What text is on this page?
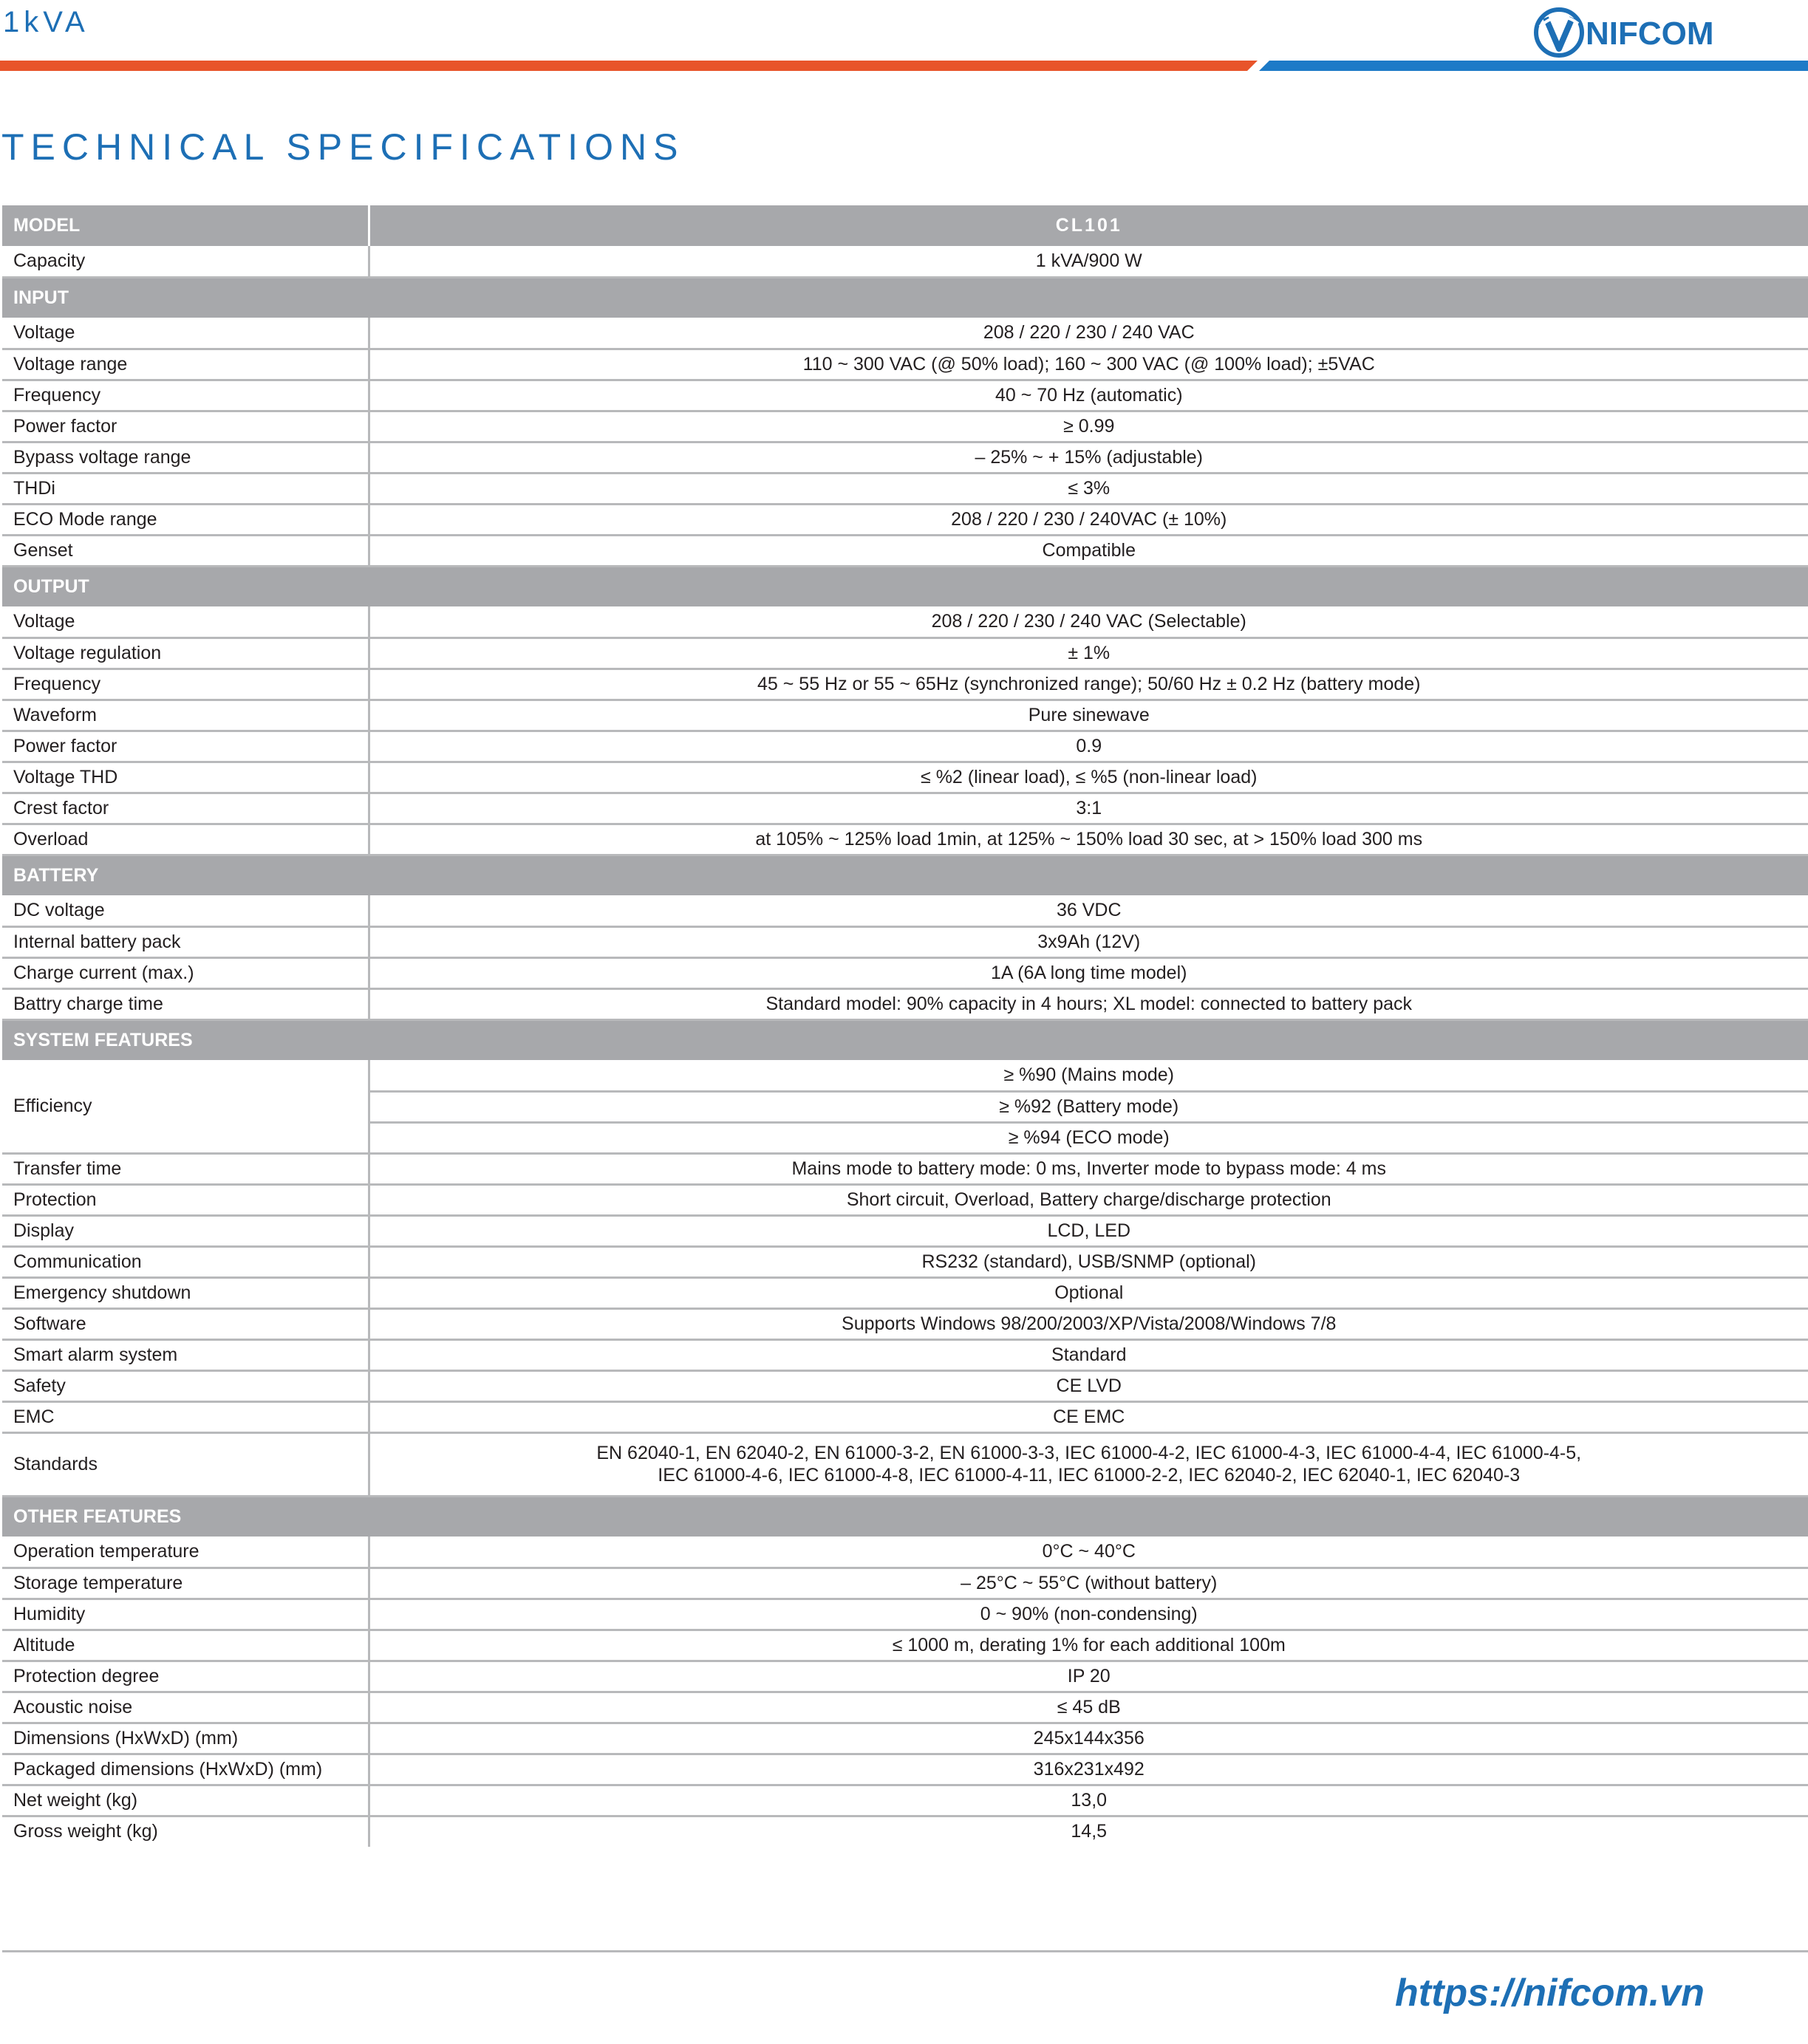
1kVA	NIFCOM
TECHNICAL SPECIFICATIONS
MODEL	CL101
Capacity	1 kVA/900 W
INPUT	
Voltage	208 / 220 / 230 / 240 VAC
Voltage range	110 ~ 300 VAC (@ 50% load); 160 ~ 300 VAC (@ 100% load); ±5VAC
Frequency	40 ~ 70 Hz (automatic)
Power factor	≥ 0.99
Bypass voltage range	– 25% ~ + 15% (adjustable)
THDi	≤ 3%
ECO Mode range	208 / 220 / 230 / 240VAC (± 10%)
Genset	Compatible
OUTPUT	
Voltage	208 / 220 / 230 / 240 VAC (Selectable)
Voltage regulation	± 1%
Frequency	45 ~ 55 Hz or 55 ~ 65Hz (synchronized range); 50/60 Hz ± 0.2 Hz (battery mode)
Waveform	Pure sinewave
Power factor	0.9
Voltage THD	≤ %2 (linear load), ≤ %5 (non-linear load)
Crest factor	3:1
Overload	at 105% ~ 125% load 1min, at 125% ~ 150% load 30 sec, at > 150% load 300 ms
BATTERY	
DC voltage	36 VDC
Internal battery pack	3x9Ah (12V)
Charge current (max.)	1A (6A long time model)
Battry charge time	Standard model: 90% capacity in 4 hours; XL model: connected to battery pack
SYSTEM FEATURES	
Efficiency	≥ %90 (Mains mode)
	≥ %92 (Battery mode)
	≥ %94 (ECO mode)
Transfer time	Mains mode to battery mode: 0 ms, Inverter mode to bypass mode: 4 ms
Protection	Short circuit, Overload, Battery charge/discharge protection
Display	LCD, LED
Communication	RS232 (standard), USB/SNMP (optional)
Emergency shutdown	Optional
Software	Supports Windows 98/200/2003/XP/Vista/2008/Windows 7/8
Smart alarm system	Standard
Safety	CE LVD
EMC	CE EMC
Standards	EN 62040-1, EN 62040-2, EN 61000-3-2, EN 61000-3-3, IEC 61000-4-2, IEC 61000-4-3, IEC 61000-4-4, IEC 61000-4-5,
IEC 61000-4-6, IEC 61000-4-8, IEC 61000-4-11, IEC 61000-2-2, IEC 62040-2, IEC 62040-1, IEC 62040-3

OTHER FEATURES	
Operation temperature	0°C ~ 40°C
Storage temperature	– 25°C ~ 55°C (without battery)
Humidity	0 ~ 90% (non-condensing)
Altitude	≤ 1000 m, derating 1% for each additional 100m
Protection degree	IP 20
Acoustic noise	≤ 45 dB
Dimensions (HxWxD) (mm)	245x144x356
Packaged dimensions (HxWxD) (mm)	316x231x492
Net weight (kg)	13,0
Gross weight (kg)	14,5
https://nifcom.vn
